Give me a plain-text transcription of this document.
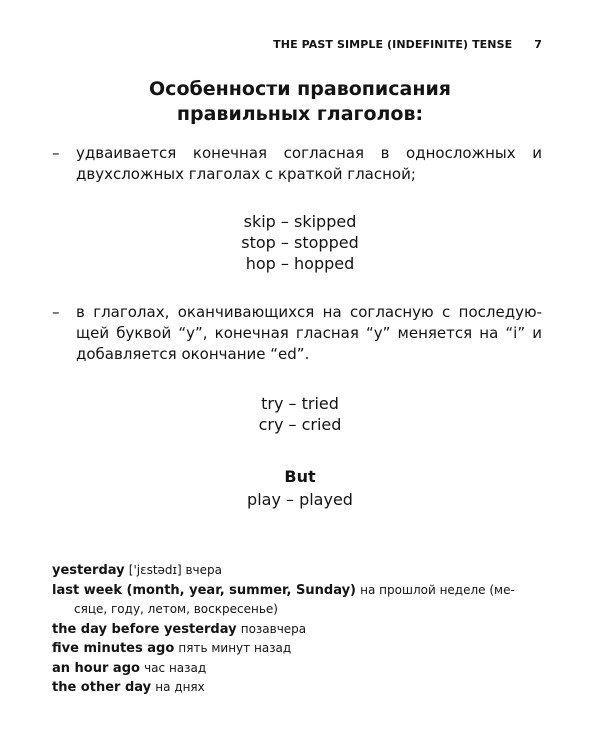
THE PAST SIMPLE (INDEFINITE) TENSE 7
Особенности правописания
правильных глаголов:
– удваивается конечная согласная в односложных и двухсложных глаголах с краткой гласной;
skip – skipped
stop – stopped
hop – hopped
– в глаголах, оканчивающихся на согласную с последую-щей буквой “y”, конечная гласная “y” меняется на “i” и добавляется окончание “ed”.
try – tried
cry – cried
But
play – played
yesterday ['jɛstədɪ] вчера
last week (month, year, summer, Sunday) на прошлой неделе (ме-
сяце, году, летом, воскресенье)
the day before yesterday позавчера
five minutes ago пять минут назад
an hour ago час назад
the other day на днях
